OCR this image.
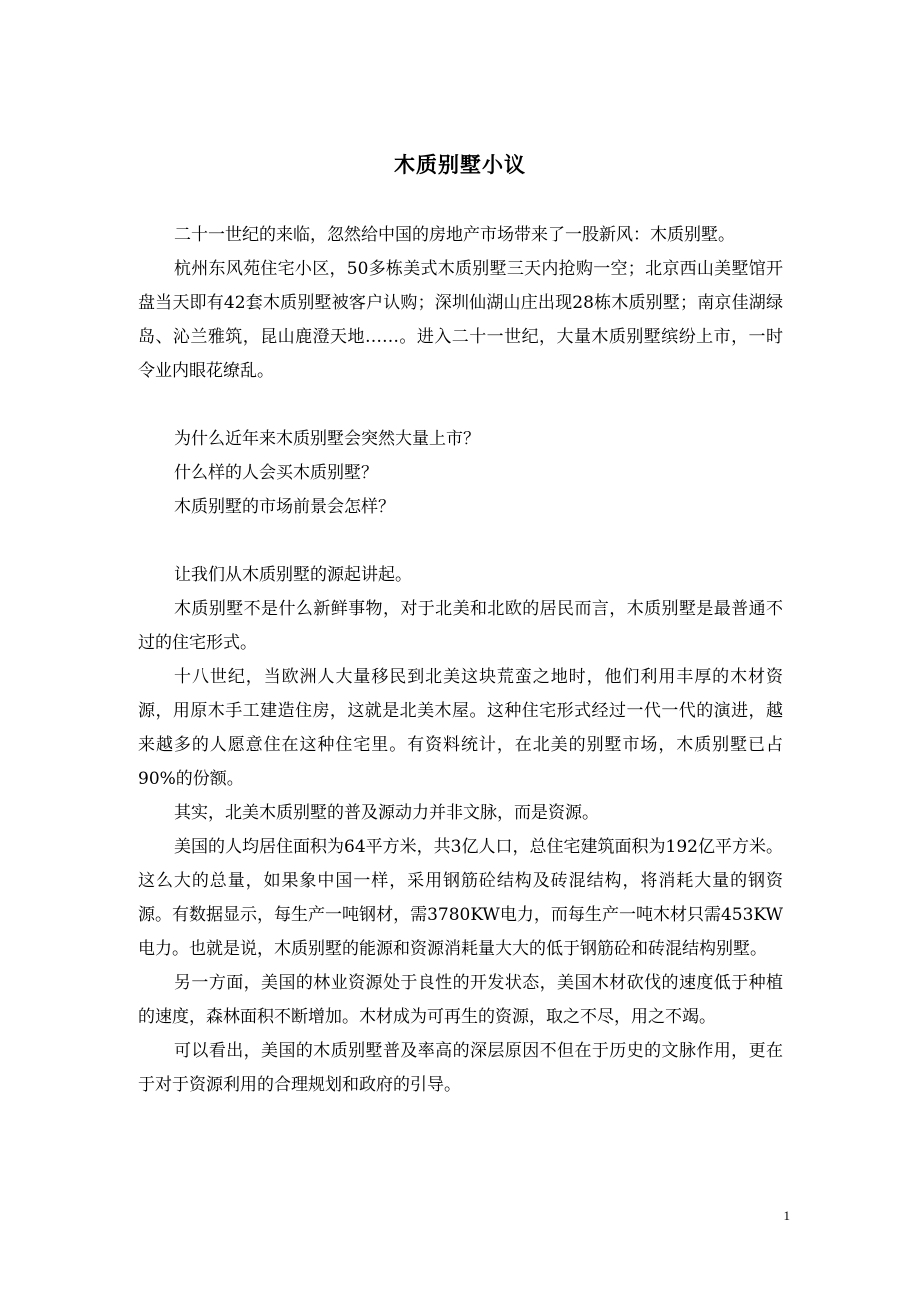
木质别墅小议

二十一世纪的来临，忽然给中国的房地产市场带来了一股新风：木质别墅。

杭州东风苑住宅小区，50多栋美式木质别墅三天内抢购一空；北京西山美墅馆开盘当天即有42套木质别墅被客户认购；深圳仙湖山庄出现28栋木质别墅；南京佳湖绿岛、沁兰雅筑，昆山鹿澄天地……。进入二十一世纪，大量木质别墅缤纷上市，一时令业内眼花缭乱。

为什么近年来木质别墅会突然大量上市？

什么样的人会买木质别墅？

木质别墅的市场前景会怎样？

让我们从木质别墅的源起讲起。

木质别墅不是什么新鲜事物，对于北美和北欧的居民而言，木质别墅是最普通不过的住宅形式。

十八世纪，当欧洲人大量移民到北美这块荒蛮之地时，他们利用丰厚的木材资源，用原木手工建造住房，这就是北美木屋。这种住宅形式经过一代一代的演进，越来越多的人愿意住在这种住宅里。有资料统计，在北美的别墅市场，木质别墅已占90%的份额。

其实，北美木质别墅的普及源动力并非文脉，而是资源。

美国的人均居住面积为64平方米，共3亿人口，总住宅建筑面积为192亿平方米。这么大的总量，如果象中国一样，采用钢筋砼结构及砖混结构，将消耗大量的钢资源。有数据显示，每生产一吨钢材，需3780KW电力，而每生产一吨木材只需453KW电力。也就是说，木质别墅的能源和资源消耗量大大的低于钢筋砼和砖混结构别墅。

另一方面，美国的林业资源处于良性的开发状态，美国木材砍伐的速度低于种植的速度，森林面积不断增加。木材成为可再生的资源，取之不尽，用之不竭。

可以看出，美国的木质别墅普及率高的深层原因不但在于历史的文脉作用，更在于对于资源利用的合理规划和政府的引导。

1
